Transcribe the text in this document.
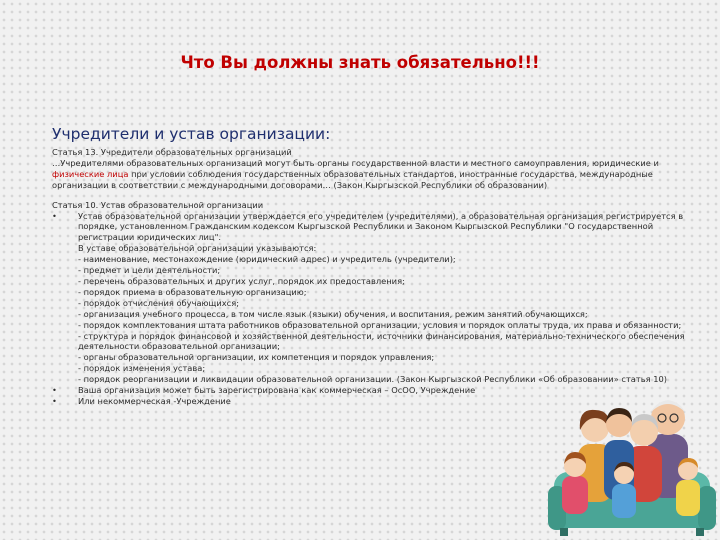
Что Вы должны знать обязательно!!!
Учредители и устав организации:

Статья 13. Учредители образовательных организаций

…Учредителями образовательных организаций могут быть органы государственной власти и местного самоуправления, юридические и физические лица при условии соблюдения государственных образовательных стандартов, иностранные государства, международные организации в соответствии с международными договорами… (Закон Кыргызской Республики об образовании)

Статья 10. Устав образовательной организации

•	Устав образовательной организации утверждается его учредителем (учредителями), а образовательная организация регистрируется в порядке, установленном Гражданским кодексом Кыргызской Республики и Законом Кыргызской Республики "О государственной регистрации юридических лиц".

В уставе образовательной организации указываются:

- наименование, местонахождение (юридический адрес) и учредитель (учредители);

- предмет и цели деятельности;

- перечень образовательных и других услуг, порядок их предоставления;

- порядок приема в образовательную организацию;

- порядок отчисления обучающихся;

- организация учебного процесса, в том числе язык (языки) обучения, и воспитания, режим занятий обучающихся;

- порядок комплектования штата работников образовательной организации, условия и порядок оплаты труда, их права и обязанности;

- структура и порядок финансовой и хозяйственной деятельности, источники финансирования, материально-технического обеспечения деятельности образовательной организации;

- органы образовательной организации, их компетенция и порядок управления;

- порядок изменения устава;

- порядок реорганизации и ликвидации образовательной организации. (Закон Кыргызской Республики «Об образовании» статья 10)

•	Ваша организация может быть зарегистрирована как коммерческая – ОсОО, Учреждение

•	Или некоммерческая -Учреждение
